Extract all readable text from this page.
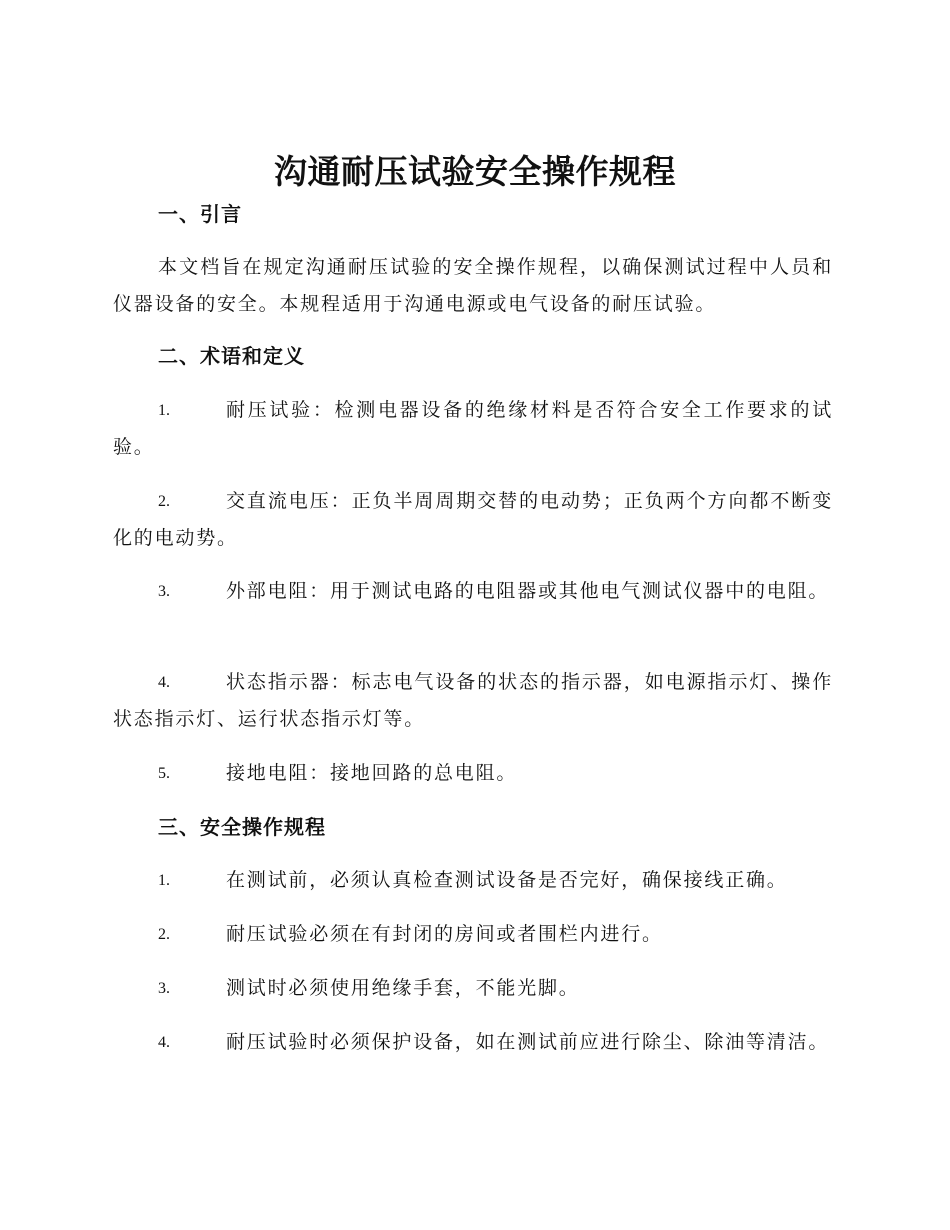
沟通耐压试验安全操作规程
一、引言
本文档旨在规定沟通耐压试验的安全操作规程，以确保测试过程中人员和仪器设备的安全。本规程适用于沟通电源或电气设备的耐压试验。
二、术语和定义
1.	耐压试验：检测电器设备的绝缘材料是否符合安全工作要求的试验。
2.	交直流电压：正负半周周期交替的电动势；正负两个方向都不断变化的电动势。
3.	外部电阻：用于测试电路的电阻器或其他电气测试仪器中的电阻。
4.	状态指示器：标志电气设备的状态的指示器，如电源指示灯、操作状态指示灯、运行状态指示灯等。
5.	接地电阻：接地回路的总电阻。
三、安全操作规程
1.	在测试前，必须认真检查测试设备是否完好，确保接线正确。
2.	耐压试验必须在有封闭的房间或者围栏内进行。
3.	测试时必须使用绝缘手套，不能光脚。
4.	耐压试验时必须保护设备，如在测试前应进行除尘、除油等清洁。
